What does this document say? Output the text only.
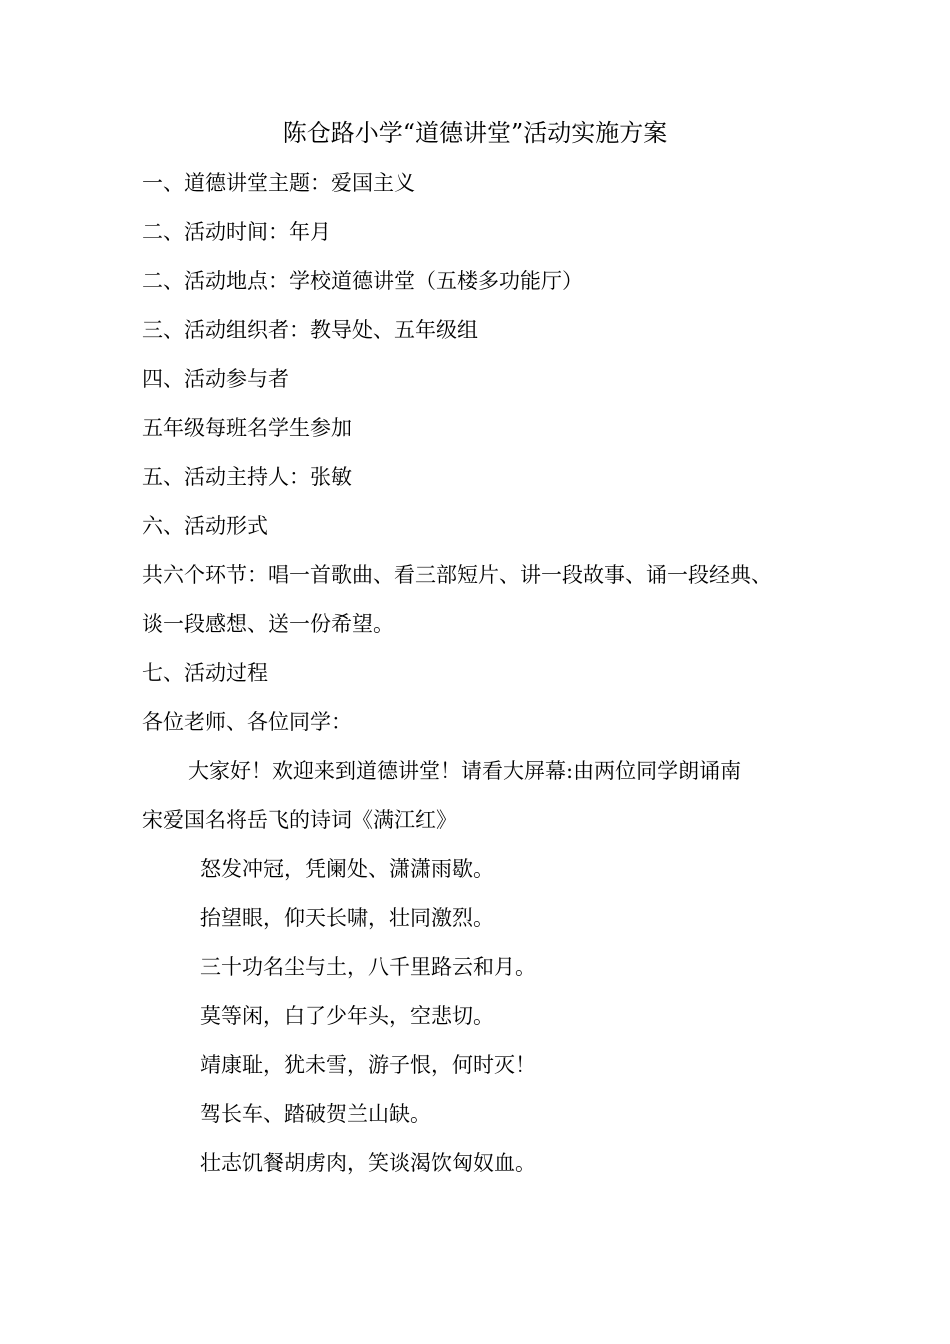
陈仓路小学“道德讲堂”活动实施方案
一、道德讲堂主题：爱国主义
二、活动时间：年月
二、活动地点：学校道德讲堂（五楼多功能厅）
三、活动组织者：教导处、五年级组
四、活动参与者
五年级每班名学生参加
五、活动主持人：张敏
六、活动形式
共六个环节：唱一首歌曲、看三部短片、讲一段故事、诵一段经典、
谈一段感想、送一份希望。
七、活动过程
各位老师、各位同学：
大家好！欢迎来到道德讲堂！请看大屏幕:由两位同学朗诵南
宋爱国名将岳飞的诗词《满江红》
怒发冲冠，凭阑处、潇潇雨歇。
抬望眼，仰天长啸，壮同激烈。
三十功名尘与土，八千里路云和月。
莫等闲，白了少年头，空悲切。
靖康耻，犹未雪，游子恨，何时灭！
驾长车、踏破贺兰山缺。
壮志饥餐胡虏肉，笑谈渴饮匈奴血。
